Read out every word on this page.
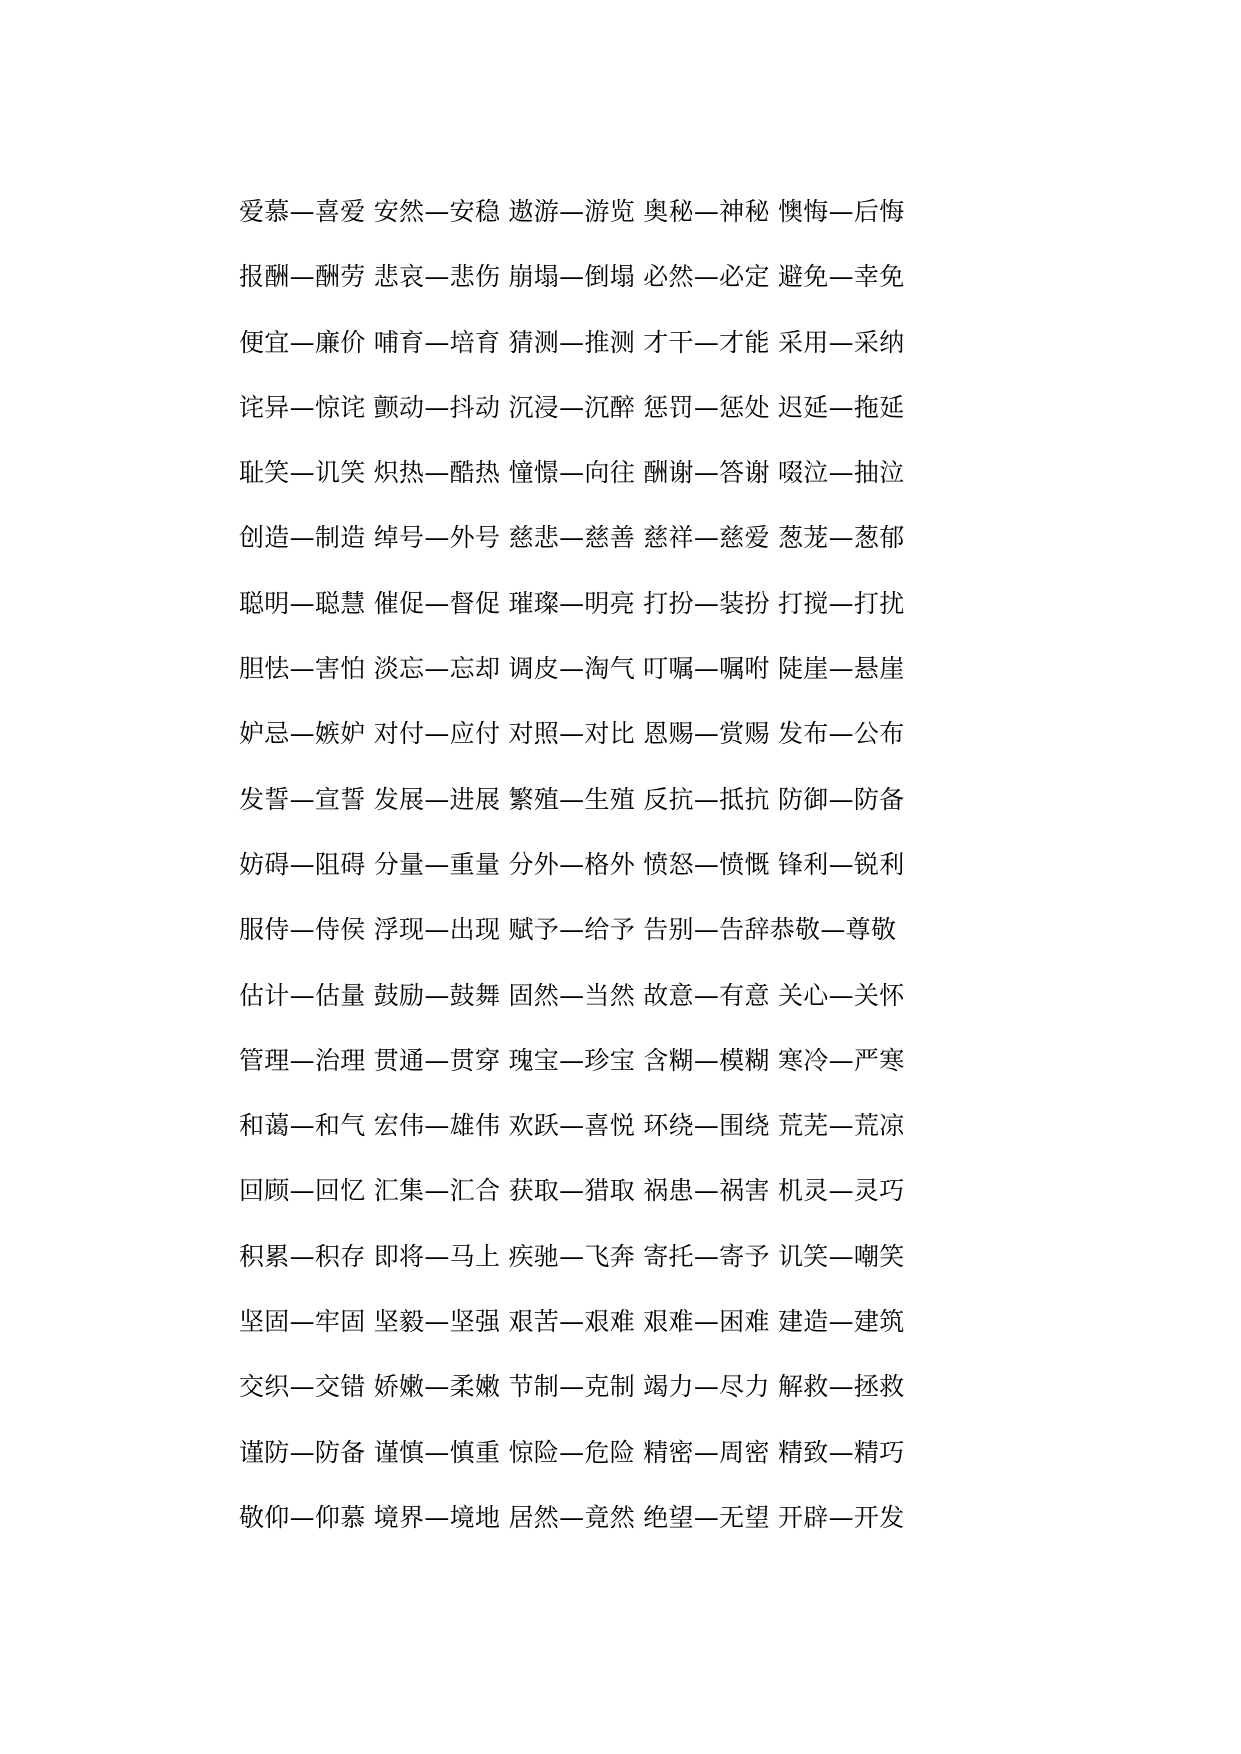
爱慕—喜爱 安然—安稳 遨游—游览 奥秘—神秘 懊悔—后悔
报酬—酬劳 悲哀—悲伤 崩塌—倒塌 必然—必定 避免—幸免
便宜—廉价 哺育—培育 猜测—推测 才干—才能 采用—采纳
诧异—惊诧 颤动—抖动 沉浸—沉醉 惩罚—惩处 迟延—拖延
耻笑—讥笑 炽热—酷热 憧憬—向往 酬谢—答谢 啜泣—抽泣
创造—制造 绰号—外号 慈悲—慈善 慈祥—慈爱 葱茏—葱郁
聪明—聪慧 催促—督促 璀璨—明亮 打扮—装扮 打搅—打扰
胆怯—害怕 淡忘—忘却 调皮—淘气 叮嘱—嘱咐 陡崖—悬崖
妒忌—嫉妒 对付—应付 对照—对比 恩赐—赏赐 发布—公布
发誓—宣誓 发展—进展 繁殖—生殖 反抗—抵抗 防御—防备
妨碍—阻碍 分量—重量 分外—格外 愤怒—愤慨 锋利—锐利
服侍—侍侯 浮现—出现 赋予—给予 告别—告辞恭敬—尊敬
估计—估量 鼓励—鼓舞 固然—当然 故意—有意 关心—关怀
管理—治理 贯通—贯穿 瑰宝—珍宝 含糊—模糊 寒冷—严寒
和蔼—和气 宏伟—雄伟 欢跃—喜悦 环绕—围绕 荒芜—荒凉
回顾—回忆 汇集—汇合 获取—猎取 祸患—祸害 机灵—灵巧
积累—积存 即将—马上 疾驰—飞奔 寄托—寄予 讥笑—嘲笑
坚固—牢固 坚毅—坚强 艰苦—艰难 艰难—困难 建造—建筑
交织—交错 娇嫩—柔嫩 节制—克制 竭力—尽力 解救—拯救
谨防—防备 谨慎—慎重 惊险—危险 精密—周密 精致—精巧
敬仰—仰慕 境界—境地 居然—竟然 绝望—无望 开辟—开发
